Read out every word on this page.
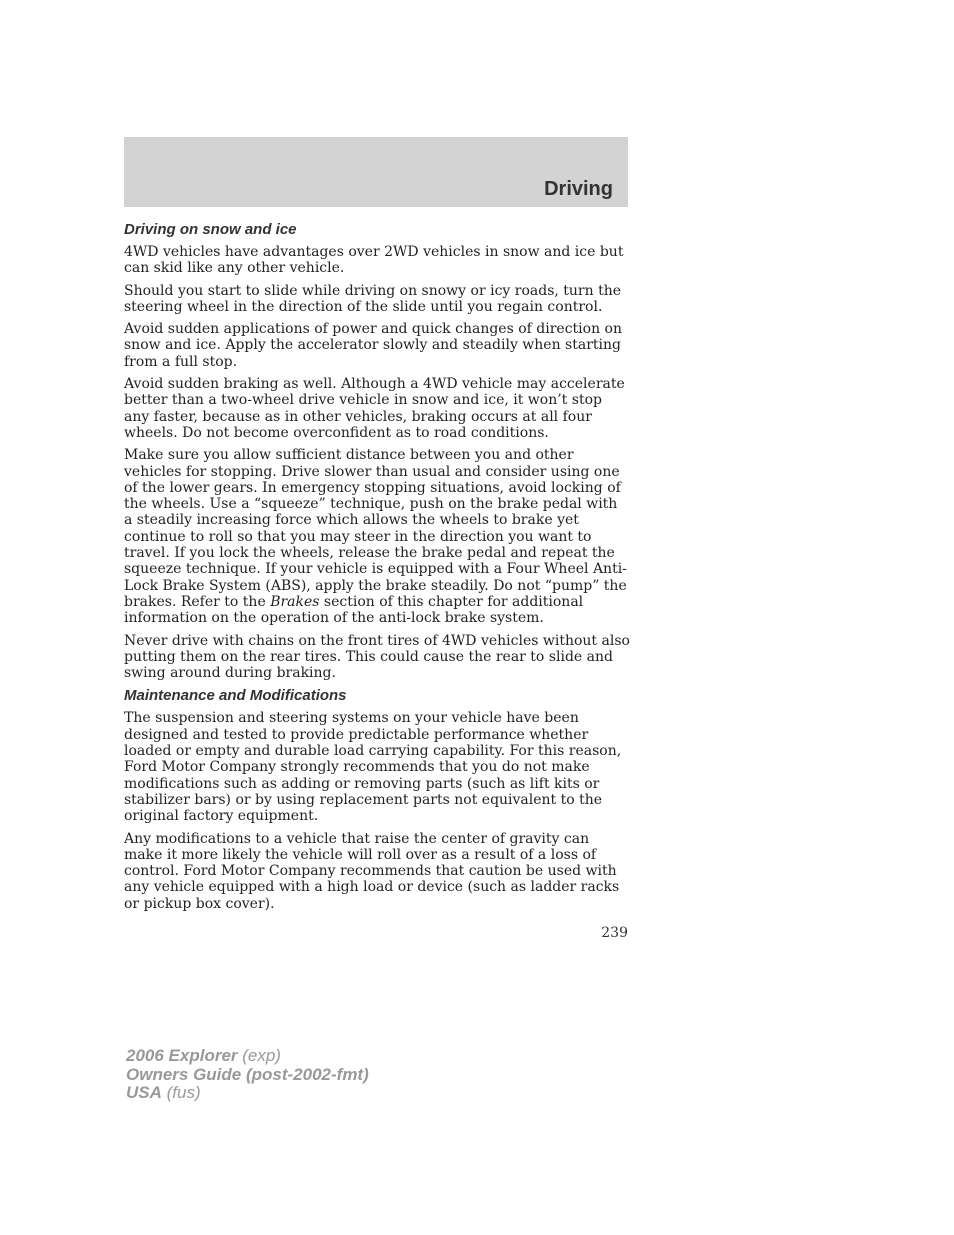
Driving
Driving on snow and ice

4WD vehicles have advantages over 2WD vehicles in snow and ice but can skid like any other vehicle.

Should you start to slide while driving on snowy or icy roads, turn the steering wheel in the direction of the slide until you regain control.

Avoid sudden applications of power and quick changes of direction on snow and ice. Apply the accelerator slowly and steadily when starting from a full stop.

Avoid sudden braking as well. Although a 4WD vehicle may accelerate better than a two-wheel drive vehicle in snow and ice, it won’t stop any faster, because as in other vehicles, braking occurs at all four wheels. Do not become overconfident as to road conditions.

Make sure you allow sufficient distance between you and other vehicles for stopping. Drive slower than usual and consider using one of the lower gears. In emergency stopping situations, avoid locking of the wheels. Use a “squeeze” technique, push on the brake pedal with a steadily increasing force which allows the wheels to brake yet continue to roll so that you may steer in the direction you want to travel. If you lock the wheels, release the brake pedal and repeat the squeeze technique. If your vehicle is equipped with a Four Wheel Anti-Lock Brake System (ABS), apply the brake steadily. Do not “pump” the brakes. Refer to the Brakes section of this chapter for additional information on the operation of the anti-lock brake system.

Never drive with chains on the front tires of 4WD vehicles without also putting them on the rear tires. This could cause the rear to slide and swing around during braking.

Maintenance and Modifications

The suspension and steering systems on your vehicle have been designed and tested to provide predictable performance whether loaded or empty and durable load carrying capability. For this reason, Ford Motor Company strongly recommends that you do not make modifications such as adding or removing parts (such as lift kits or stabilizer bars) or by using replacement parts not equivalent to the original factory equipment.

Any modifications to a vehicle that raise the center of gravity can make it more likely the vehicle will roll over as a result of a loss of control. Ford Motor Company recommends that caution be used with any vehicle equipped with a high load or device (such as ladder racks or pickup box cover).

239
2006 Explorer (exp)
Owners Guide (post-2002-fmt)
USA (fus)
